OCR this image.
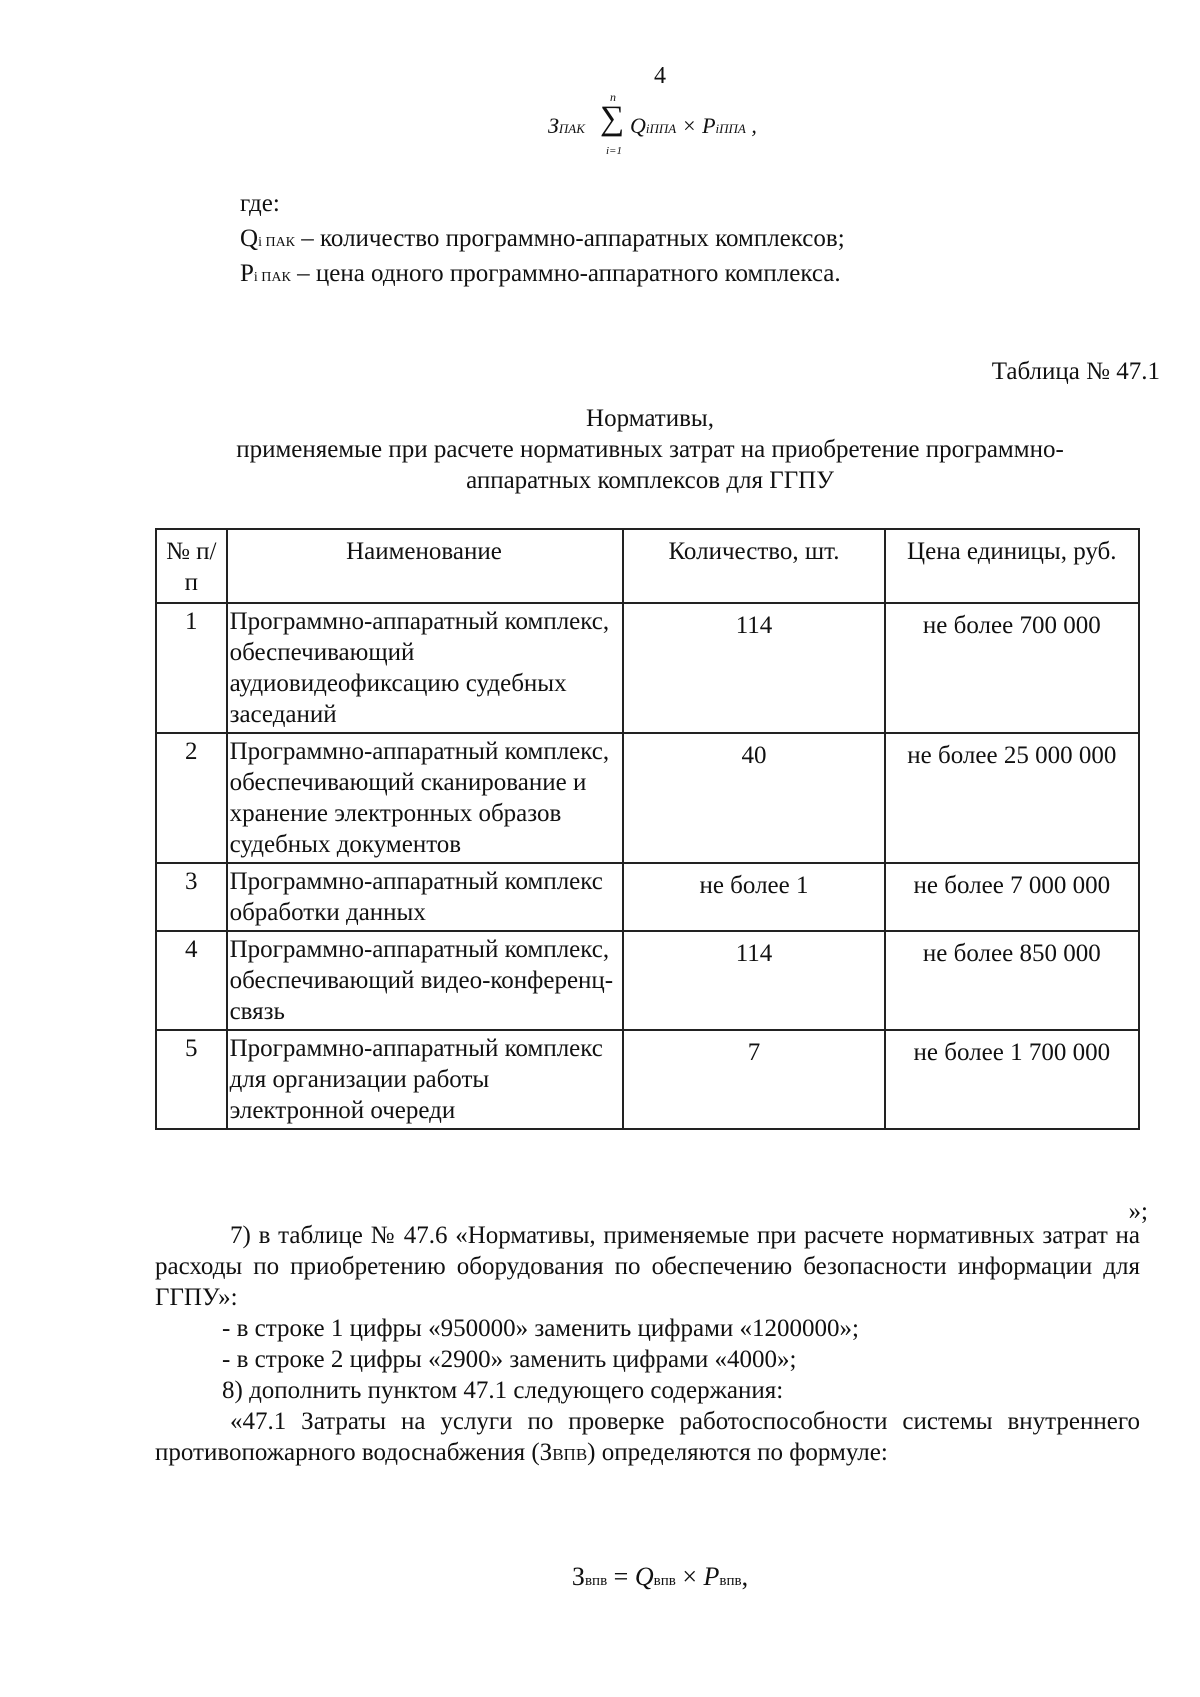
4
ЗПАК
n
∑
i=1
QiППА × PiППА ,

где:

Qi ПАК – количество программно-аппаратных комплексов;

Pi ПАК – цена одного программно-аппаратного комплекса.

Таблица № 47.1

Нормативы,

применяемые при расчете нормативных затрат на приобретение программно-

аппаратных комплексов для ГГПУ

№ п/п	Наименование	Количество, шт.	Цена единицы, руб.
1	Программно-аппаратный комплекс, обеспечивающий аудиовидеофиксацию судебных заседаний	114	не более 700 000
2	Программно-аппаратный комплекс, обеспечивающий сканирование и хранение электронных образов судебных документов	40	не более 25 000 000
3	Программно-аппаратный комплекс обработки данных	не более 1	не более 7 000 000
4	Программно-аппаратный комплекс, обеспечивающий видео-конференц-связь	114	не более 850 000
5	Программно-аппаратный комплекс для организации работы электронной очереди	7	не более 1 700 000
»;

7) в таблице № 47.6 «Нормативы, применяемые при расчете нормативных затрат на расходы по приобретению оборудования по обеспечению безопасности информации для ГГПУ»:

- в строке 1 цифры «950000» заменить цифрами «1200000»;

- в строке 2 цифры «2900» заменить цифрами «4000»;

8) дополнить пунктом 47.1 следующего содержания:

«47.1 Затраты на услуги по проверке работоспособности системы внутреннего противопожарного водоснабжения (ЗВПВ) определяются по формуле:

Звпв = Qвпв × Pвпв,
